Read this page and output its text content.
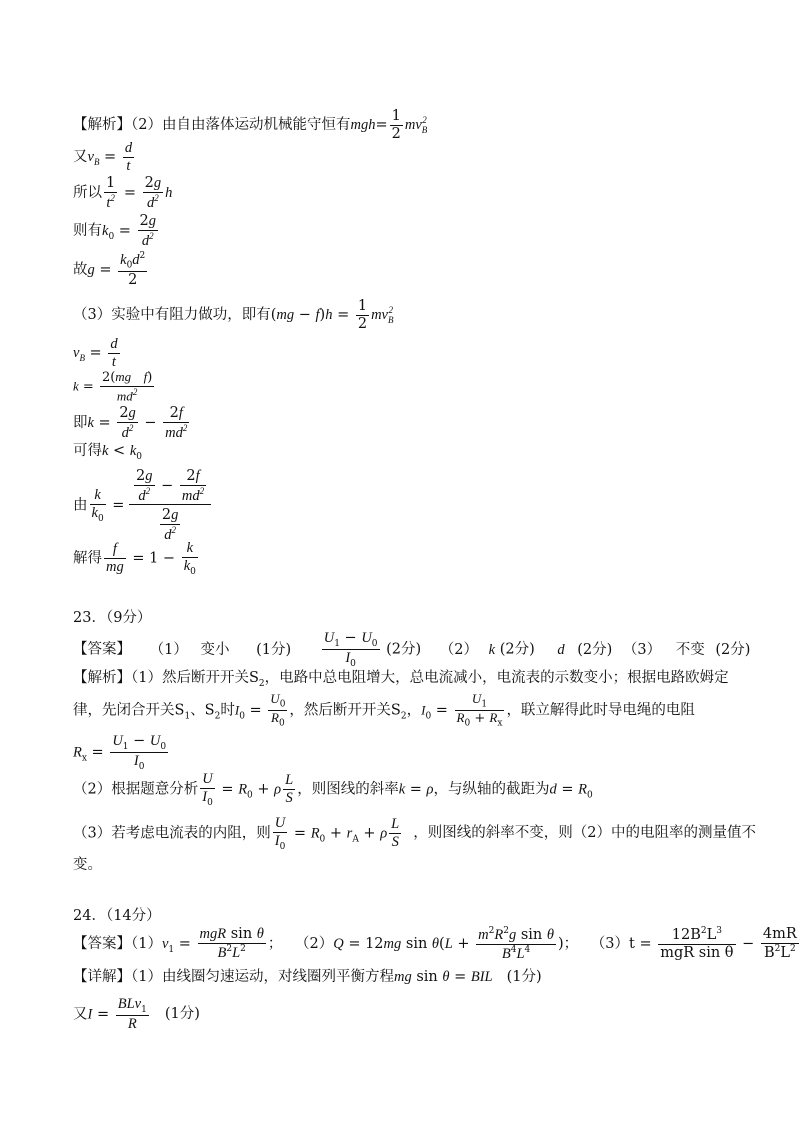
【解析】（2）由自由落体运动机械能守恒有$mgh= \frac{1}{2} mv_B^2$
又$v_B = \frac{d}{t}$
所以 $\frac{1}{t^2} = \frac{2g}{d^2}$ h
则有$k_0 = \frac{2g}{d^2}$
故$g = \frac{k_0d^2}{2}$
（3）实验中有阻力做功，即有$(mg - f)h = \frac{1}{2} mv_B^2$
$v_B = \frac{d}{t}$
$k = \frac{\text{2(mg f)}}{md^2}$
即$k = \frac{2g}{d^2} - \frac{2f}{md^2}$
可得$k < k_0$
由 $\frac{k}{k_0}$ =
$\frac{2g}{d^2} - \frac{2f}{md^2}$
$\frac{2g}{d^2}$
解得 $\frac{f}{mg} = 1 - \frac{k}{k_0}$
23．（9分）
【答案】 （1） 变小 (1分) $\frac{U_1 - U_0}{I_0} (2$分) （2） k (2分) d (2分) （3） 不变 (2分)
【解析】（1）然后断开开关$S_2$，电路中总电阻增大，总电流减小，电流表的示数变小；根据电路欧姆定
律，先闭合开关$S_1$、$S_2$时$I_0 = \frac{U_0}{R_0}$ ，然后断开开关$S_2$，$I_0 = \frac{U_1}{R_0 + R_x}$ ，联立解得此时导电绳的电阻
$R_x = \frac{U_1 - U_0}{I_0}$
（2）根据题意分析 $\frac{U}{I_0} = R_0 + \rho \frac{L}{S}$ ，则图线的斜率k = ρ，与纵轴的截距为$d = R_0$
（3）若考虑电流表的内阻，则 $\frac{U}{I_0} = R_0 + r_A + \rho \frac{L}{S}$ ，则图线的斜率不变，则（2）中的电阻率的测量值不
变。
24．（14分）
【答案】$(1)v_1 = \frac{\text{mgR sin θ}}{B^2L^2}$ ； （2）Q = 12mg $\sin \theta(L + \frac{m^2R^2g \sin \theta}{B^4L^4}$ )； $(3)t = \frac{12B^2L^3}{\text{mgR sin θ}} - \frac{4mR}{B^2L^2}$
【详解】（1）由线圈匀速运动，对线圈列平衡方程mg sin θ = BIL (1分)
又$I = \frac{BLv_1}{R} (1$分)
